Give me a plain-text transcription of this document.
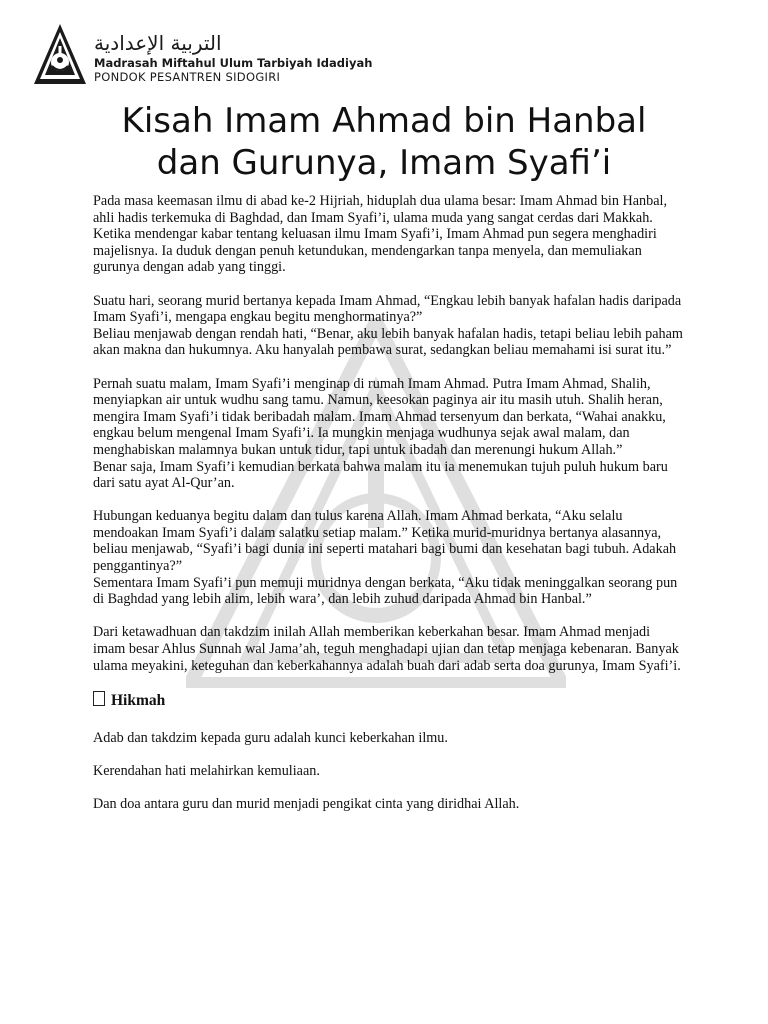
التربية الإعدادية
Madrasah Miftahul Ulum Tarbiyah Idadiyah
PONDOK PESANTREN SIDOGIRI
Kisah Imam Ahmad bin Hanbal
dan Gurunya, Imam Syafi’i

Pada masa keemasan ilmu di abad ke-2 Hijriah, hiduplah dua ulama besar: Imam Ahmad bin Hanbal, ahli hadis terkemuka di Baghdad, dan Imam Syafi’i, ulama muda yang sangat cerdas dari Makkah. Ketika mendengar kabar tentang keluasan ilmu Imam Syafi’i, Imam Ahmad pun segera menghadiri majelisnya. Ia duduk dengan penuh ketundukan, mendengarkan tanpa menyela, dan memuliakan gurunya dengan adab yang tinggi.

Suatu hari, seorang murid bertanya kepada Imam Ahmad, “Engkau lebih banyak hafalan hadis daripada Imam Syafi’i, mengapa engkau begitu menghormatinya?”

Beliau menjawab dengan rendah hati, “Benar, aku lebih banyak hafalan hadis, tetapi beliau lebih paham akan makna dan hukumnya. Aku hanyalah pembawa surat, sedangkan beliau memahami isi surat itu.”

Pernah suatu malam, Imam Syafi’i menginap di rumah Imam Ahmad. Putra Imam Ahmad, Shalih, menyiapkan air untuk wudhu sang tamu. Namun, keesokan paginya air itu masih utuh. Shalih heran, mengira Imam Syafi’i tidak beribadah malam. Imam Ahmad tersenyum dan berkata, “Wahai anakku, engkau belum mengenal Imam Syafi’i. Ia mungkin menjaga wudhunya sejak awal malam, dan menghabiskan malamnya bukan untuk tidur, tapi untuk ibadah dan merenungi hukum Allah.”

Benar saja, Imam Syafi’i kemudian berkata bahwa malam itu ia menemukan tujuh puluh hukum baru dari satu ayat Al-Qur’an.

Hubungan keduanya begitu dalam dan tulus karena Allah. Imam Ahmad berkata, “Aku selalu mendoakan Imam Syafi’i dalam salatku setiap malam.” Ketika murid-muridnya bertanya alasannya, beliau menjawab, “Syafi’i bagi dunia ini seperti matahari bagi bumi dan kesehatan bagi tubuh. Adakah penggantinya?”

Sementara Imam Syafi’i pun memuji muridnya dengan berkata, “Aku tidak meninggalkan seorang pun di Baghdad yang lebih alim, lebih wara’, dan lebih zuhud daripada Ahmad bin Hanbal.”

Dari ketawadhuan dan takdzim inilah Allah memberikan keberkahan besar. Imam Ahmad menjadi imam besar Ahlus Sunnah wal Jama’ah, teguh menghadapi ujian dan tetap menjaga kebenaran. Banyak ulama meyakini, keteguhan dan keberkahannya adalah buah dari adab serta doa gurunya, Imam Syafi’i.

Hikmah

Adab dan takdzim kepada guru adalah kunci keberkahan ilmu.

Kerendahan hati melahirkan kemuliaan.

Dan doa antara guru dan murid menjadi pengikat cinta yang diridhai Allah.
